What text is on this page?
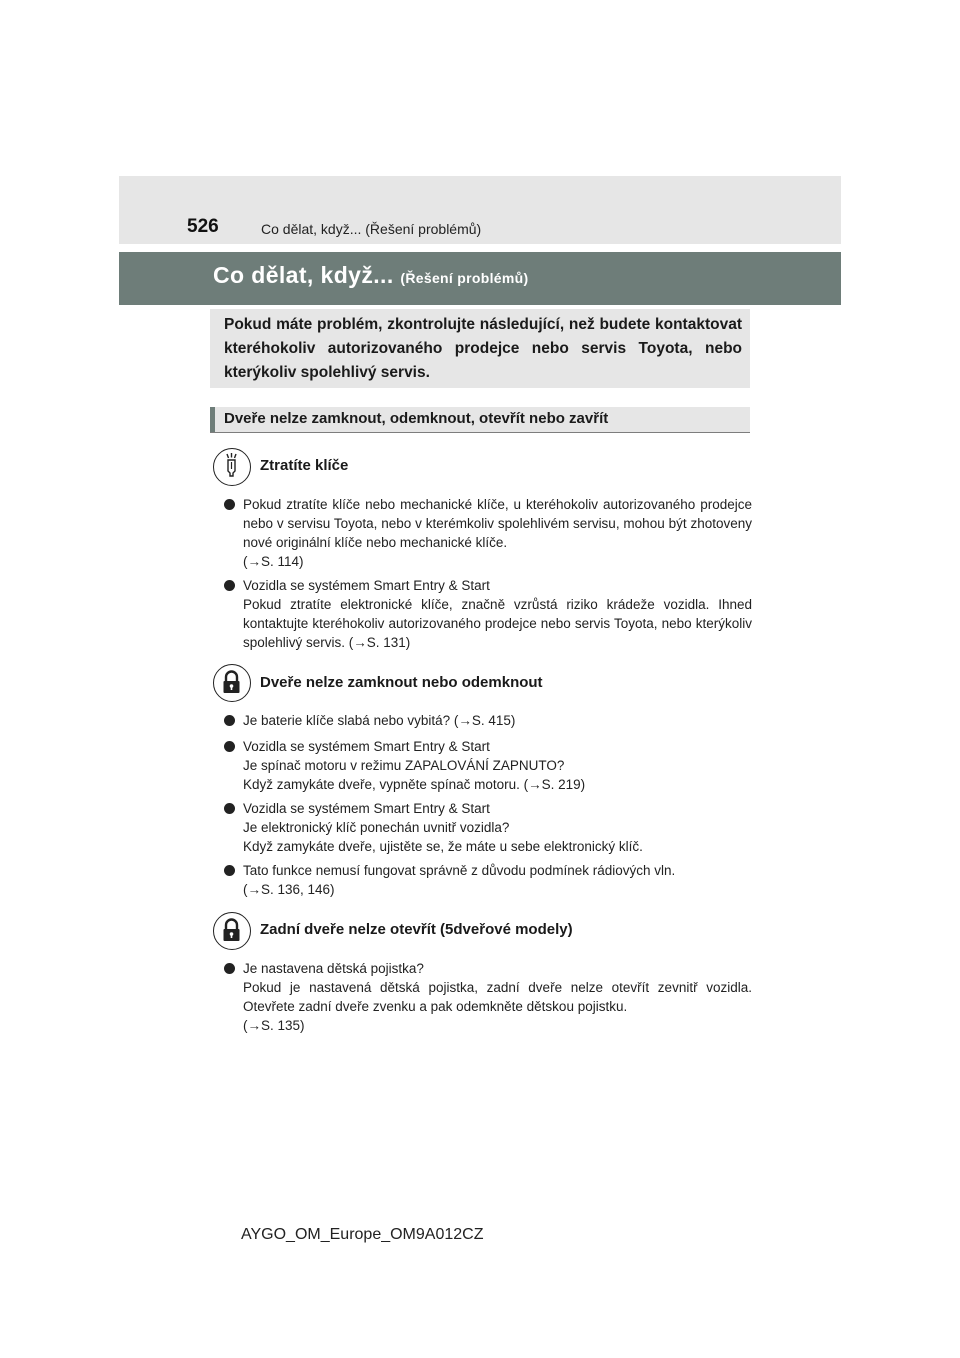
526	Co dělat, když... (Řešení problémů)
Co dělat, když... (Řešení problémů)
Pokud máte problém, zkontrolujte následující, než budete kontaktovat kteréhokoliv autorizovaného prodejce nebo servis Toyota, nebo kterýkoliv spolehlivý servis.
Dveře nelze zamknout, odemknout, otevřít nebo zavřít
Ztratíte klíče
Pokud ztratíte klíče nebo mechanické klíče, u kteréhokoliv autorizovaného prodejce nebo v servisu Toyota, nebo v kterémkoliv spolehlivém servisu, mohou být zhotoveny nové originální klíče nebo mechanické klíče.
(→S. 114)
Vozidla se systémem Smart Entry & Start
Pokud ztratíte elektronické klíče, značně vzrůstá riziko krádeže vozidla. Ihned kontaktujte kteréhokoliv autorizovaného prodejce nebo servis Toyota, nebo kterýkoliv spolehlivý servis. (→S. 131)
Dveře nelze zamknout nebo odemknout
Je baterie klíče slabá nebo vybitá? (→S. 415)
Vozidla se systémem Smart Entry & Start
Je spínač motoru v režimu ZAPALOVÁNÍ ZAPNUTO?
Když zamykáte dveře, vypněte spínač motoru. (→S. 219)
Vozidla se systémem Smart Entry & Start
Je elektronický klíč ponechán uvnitř vozidla?
Když zamykáte dveře, ujistěte se, že máte u sebe elektronický klíč.
Tato funkce nemusí fungovat správně z důvodu podmínek rádiových vln.
(→S. 136, 146)
Zadní dveře nelze otevřít (5dveřové modely)
Je nastavena dětská pojistka?
Pokud je nastavená dětská pojistka, zadní dveře nelze otevřít zevnitř vozidla. Otevřete zadní dveře zvenku a pak odemkněte dětskou pojistku.
(→S. 135)
AYGO_OM_Europe_OM9A012CZ
